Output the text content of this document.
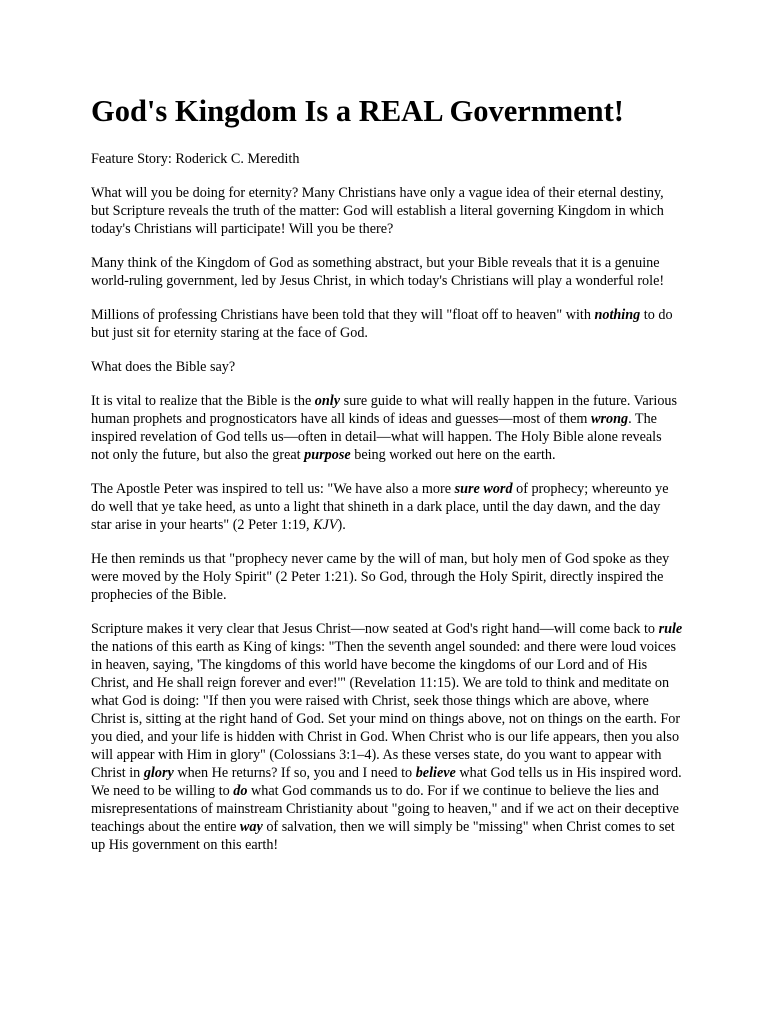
God's Kingdom Is a REAL Government!
Feature Story: Roderick C. Meredith

What will you be doing for eternity? Many Christians have only a vague idea of their eternal destiny, but Scripture reveals the truth of the matter: God will establish a literal governing Kingdom in which today's Christians will participate! Will you be there?

Many think of the Kingdom of God as something abstract, but your Bible reveals that it is a genuine world-ruling government, led by Jesus Christ, in which today's Christians will play a wonderful role!

Millions of professing Christians have been told that they will "float off to heaven" with nothing to do but just sit for eternity staring at the face of God.

What does the Bible say?

It is vital to realize that the Bible is the only sure guide to what will really happen in the future. Various human prophets and prognosticators have all kinds of ideas and guesses—most of them wrong. The inspired revelation of God tells us—often in detail—what will happen. The Holy Bible alone reveals not only the future, but also the great purpose being worked out here on the earth.

The Apostle Peter was inspired to tell us: "We have also a more sure word of prophecy; whereunto ye do well that ye take heed, as unto a light that shineth in a dark place, until the day dawn, and the day star arise in your hearts" (2 Peter 1:19, KJV).

He then reminds us that "prophecy never came by the will of man, but holy men of God spoke as they were moved by the Holy Spirit" (2 Peter 1:21). So God, through the Holy Spirit, directly inspired the prophecies of the Bible.

Scripture makes it very clear that Jesus Christ—now seated at God's right hand—will come back to rule the nations of this earth as King of kings: "Then the seventh angel sounded: and there were loud voices in heaven, saying, 'The kingdoms of this world have become the kingdoms of our Lord and of His Christ, and He shall reign forever and ever!'" (Revelation 11:15). We are told to think and meditate on what God is doing: "If then you were raised with Christ, seek those things which are above, where Christ is, sitting at the right hand of God. Set your mind on things above, not on things on the earth. For you died, and your life is hidden with Christ in God. When Christ who is our life appears, then you also will appear with Him in glory" (Colossians 3:1–4). As these verses state, do you want to appear with Christ in glory when He returns? If so, you and I need to believe what God tells us in His inspired word. We need to be willing to do what God commands us to do. For if we continue to believe the lies and misrepresentations of mainstream Christianity about "going to heaven," and if we act on their deceptive teachings about the entire way of salvation, then we will simply be "missing" when Christ comes to set up His government on this earth!
